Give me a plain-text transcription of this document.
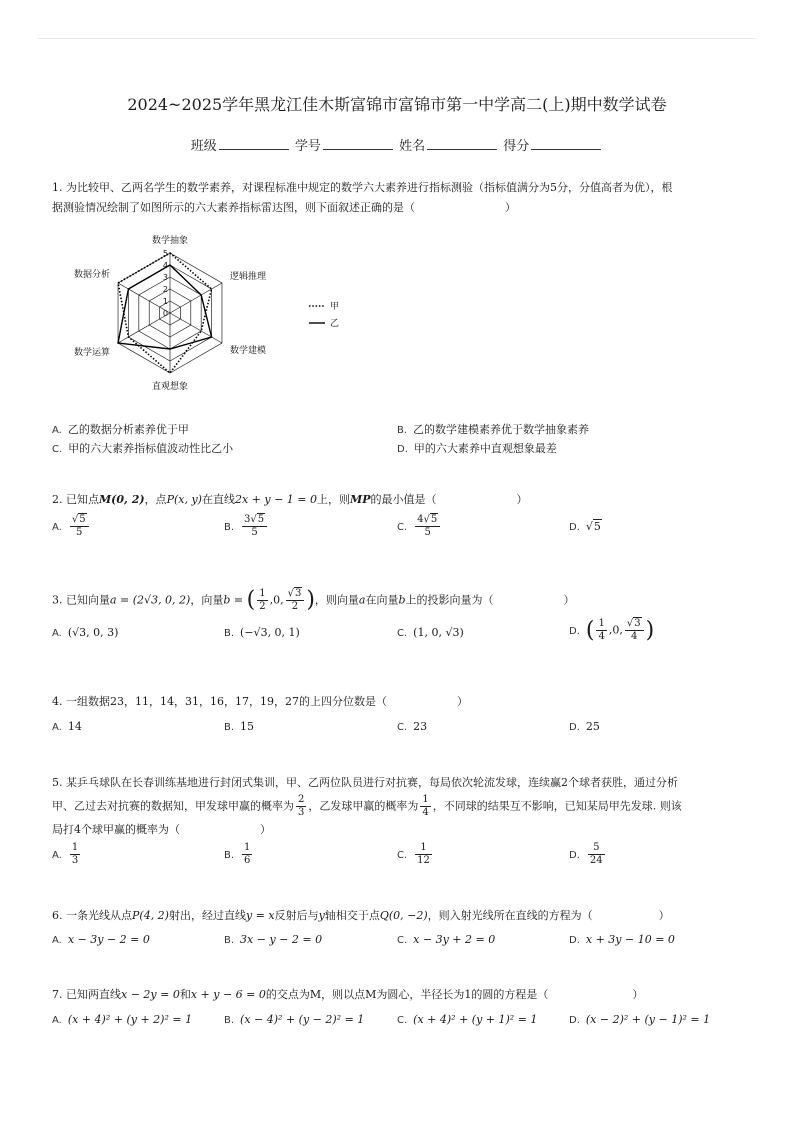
2024~2025学年黑龙江佳木斯富锦市富锦市第一中学高二(上)期中数学试卷
班级	学号	姓名	得分
1. 为比较甲、乙两名学生的数学素养，对课程标准中规定的数学六大素养进行指标测验（指标值满分为5分，分值高者为优），根
据测验情况绘制了如图所示的六大素养指标雷达图，则下面叙述正确的是（	）
数学抽象
逻辑推理
数学建模
直观想象
数学运算
数据分析
0
1
2
3
4
5
甲
乙
A. 乙的数据分析素养优于甲	B. 乙的数学建模素养优于数学抽象素养
C. 甲的六大素养指标值波动性比乙小	D. 甲的六大素养中直观想象最差
2. 已知点M(0, 2)，点P(x, y)在直线2x + y − 1 = 0上，则MP的最小值是（	）
A. $\frac{√5}{5}$	B. $\frac{3√5}{5}$	C. $\frac{4√5}{5}$	D. √5
3. 已知向量a = (2√3, 0, 2)，向量b = ( $\frac{1}{2} ,0$, $\frac{√3}{2}$ )，则向量a在向量b上的投影向量为（	）
A. (√3, 0, 3)	B. (−√3, 0, 1)	C. (1, 0, √3)	D. ( $\frac{1}{4} ,0$, $\frac{√3}{4}$ )
4. 一组数据23，11，14，31，16，17，19，27的上四分位数是（	）
A. 14	B. 15	C. 23	D. 25
5. 某乒乓球队在长春训练基地进行封闭式集训，甲、乙两位队员进行对抗赛，每局依次轮流发球，连续赢2个球者获胜，通过分析
甲、乙过去对抗赛的数据知，甲发球甲赢的概率为 $\frac{2}{3}$ ，乙发球甲赢的概率为 $\frac{1}{4}$ ，不同球的结果互不影响，已知某局甲先发球. 则该
局打4个球甲赢的概率为（	）
A. $\frac{1}{3}$	B. $\frac{1}{6}$	C. $\frac{1}{12}$	D. $\frac{5}{24}$
6. 一条光线从点P(4, 2)射出，经过直线y = x反射后与y轴相交于点Q(0, −2)，则入射光线所在直线的方程为（	）
A. x − 3y − 2 = 0	B. 3x − y − 2 = 0	C. x − 3y + 2 = 0	D. x + 3y − 10 = 0
7. 已知两直线x − 2y = 0和x + y − 6 = 0的交点为M，则以点M为圆心，半径长为1的圆的方程是（	）
A. (x + 4)² + (y + 2)² = 1	B. (x − 4)² + (y − 2)² = 1	C. (x + 4)² + (y + 1)² = 1	D. (x − 2)² + (y − 1)² = 1
